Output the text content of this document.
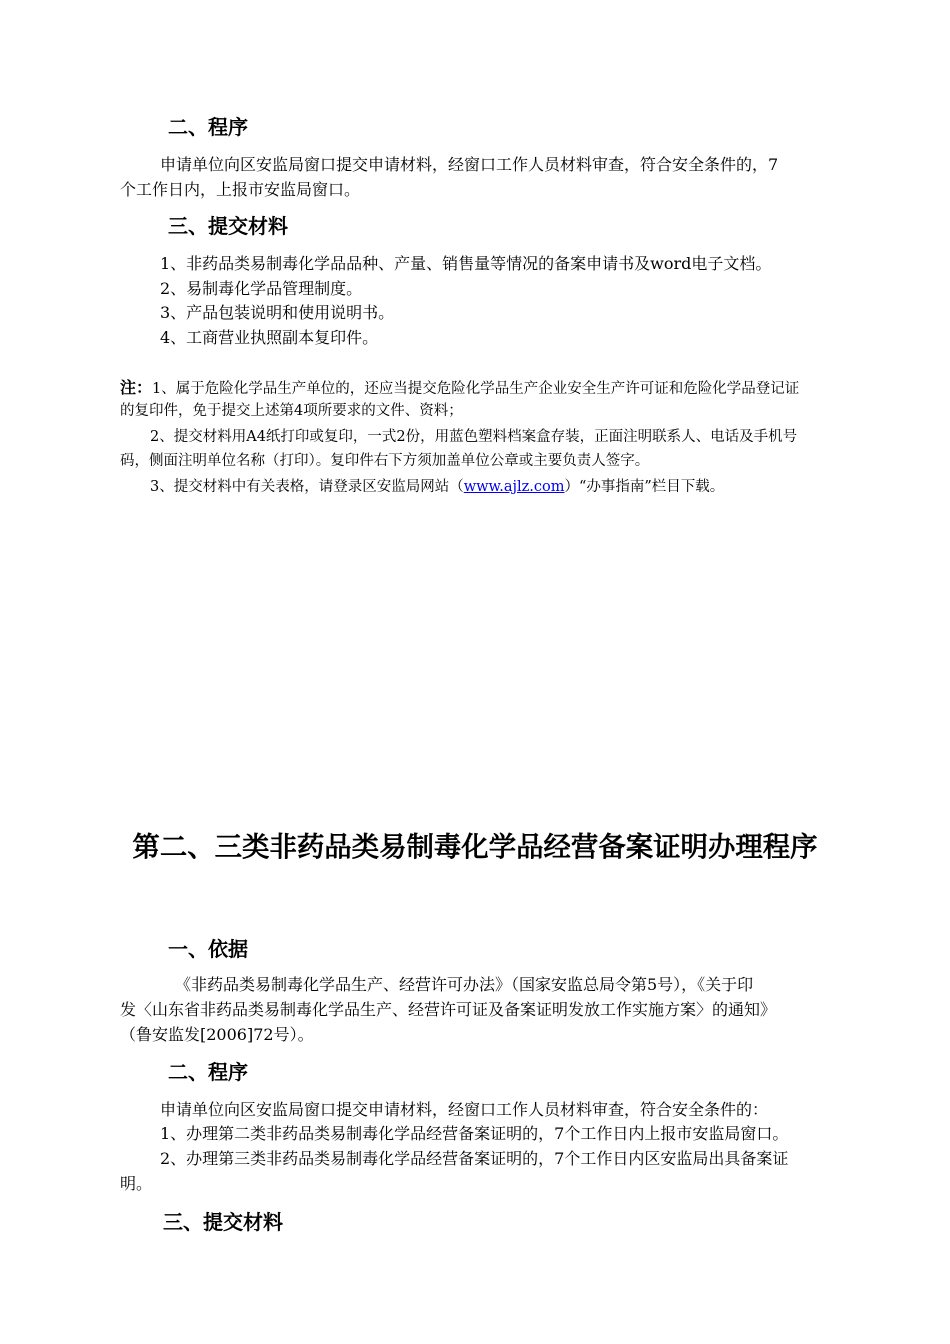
二、程序
申请单位向区安监局窗口提交申请材料，经窗口工作人员材料审查，符合安全条件的，7
个工作日内，上报市安监局窗口。
三、提交材料
1、非药品类易制毒化学品品种、产量、销售量等情况的备案申请书及word电子文档。
2、易制毒化学品管理制度。
3、产品包装说明和使用说明书。
4、工商营业执照副本复印件。
注：1、属于危险化学品生产单位的，还应当提交危险化学品生产企业安全生产许可证和危险化学品登记证
的复印件，免于提交上述第4项所要求的文件、资料；
2、提交材料用A4纸打印或复印，一式2份，用蓝色塑料档案盒存装，正面注明联系人、电话及手机号
码，侧面注明单位名称（打印）。复印件右下方须加盖单位公章或主要负责人签字。
3、提交材料中有关表格，请登录区安监局网站（www.ajlz.com）“办事指南”栏目下载。
第二、三类非药品类易制毒化学品经营备案证明办理程序
一、依据
《非药品类易制毒化学品生产、经营许可办法》（国家安监总局令第5号），《关于印
发〈山东省非药品类易制毒化学品生产、经营许可证及备案证明发放工作实施方案〉的通知》
（鲁安监发[2006]72号）。
二、程序
申请单位向区安监局窗口提交申请材料，经窗口工作人员材料审查，符合安全条件的：
1、办理第二类非药品类易制毒化学品经营备案证明的，7个工作日内上报市安监局窗口。
2、办理第三类非药品类易制毒化学品经营备案证明的，7个工作日内区安监局出具备案证
明。
三、提交材料
